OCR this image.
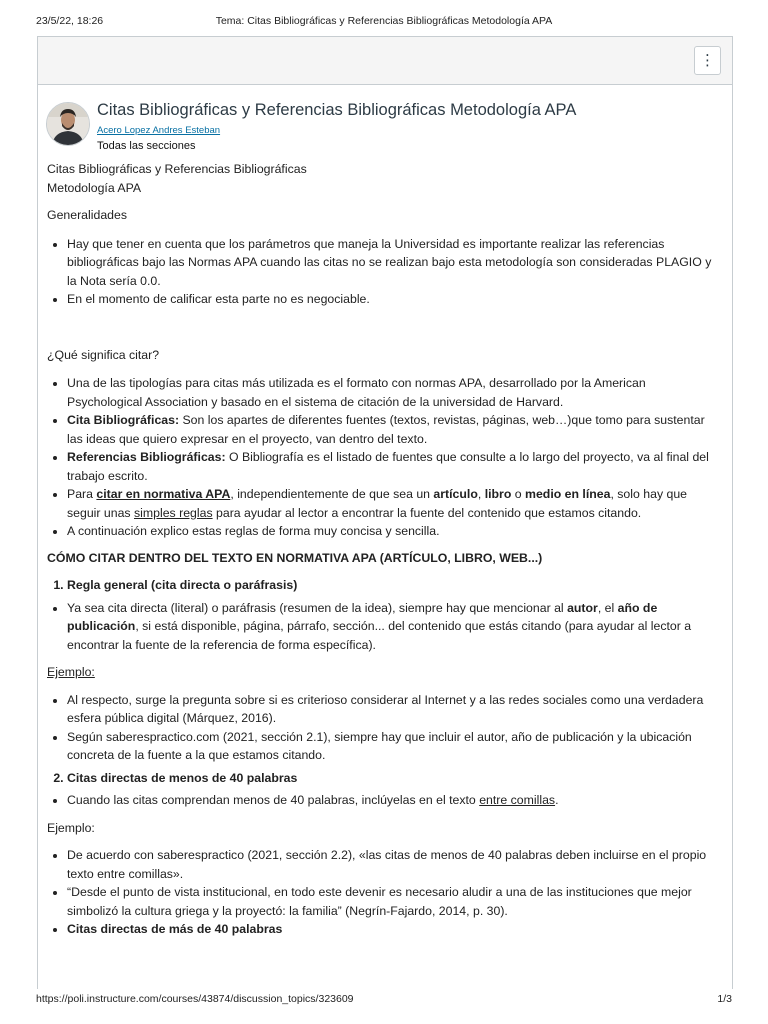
23/5/22, 18:26	Tema: Citas Bibliográficas y Referencias Bibliográficas Metodología APA
⋮
Citas Bibliográficas y Referencias Bibliográficas Metodología APA
Acero Lopez Andres Esteban
Todas las secciones

Citas Bibliográficas y Referencias Bibliográficas

Metodología APA

Generalidades

• Hay que tener en cuenta que los parámetros que maneja la Universidad es importante realizar las referencias bibliográficas bajo las Normas APA cuando las citas no se realizan bajo esta metodología son consideradas PLAGIO y la Nota sería 0.0.
• En el momento de calificar esta parte no es negociable.

¿Qué significa citar?

• Una de las tipologías para citas más utilizada es el formato con normas APA, desarrollado por la American Psychological Association y basado en el sistema de citación de la universidad de Harvard.
• Cita Bibliográficas: Son los apartes de diferentes fuentes (textos, revistas, páginas, web…)que tomo para sustentar las ideas que quiero expresar en el proyecto, van dentro del texto.
• Referencias Bibliográficas: O Bibliografía es el listado de fuentes que consulte a lo largo del proyecto, va al final del trabajo escrito.
• Para citar en normativa APA, independientemente de que sea un artículo, libro o medio en línea, solo hay que seguir unas simples reglas para ayudar al lector a encontrar la fuente del contenido que estamos citando.
• A continuación explico estas reglas de forma muy concisa y sencilla.

CÓMO CITAR DENTRO DEL TEXTO EN NORMATIVA APA (ARTÍCULO, LIBRO, WEB...)

1. Regla general (cita directa o paráfrasis)
• Ya sea cita directa (literal) o paráfrasis (resumen de la idea), siempre hay que mencionar al autor, el año de publicación, si está disponible, página, párrafo, sección... del contenido que estás citando (para ayudar al lector a encontrar la fuente de la referencia de forma específica).

Ejemplo:

• Al respecto, surge la pregunta sobre si es criterioso considerar al Internet y a las redes sociales como una verdadera esfera pública digital (Márquez, 2016).
• Según saberespractico.com (2021, sección 2.1), siempre hay que incluir el autor, año de publicación y la ubicación concreta de la fuente a la que estamos citando.
2. Citas directas de menos de 40 palabras
• Cuando las citas comprendan menos de 40 palabras, inclúyelas en el texto entre comillas.

Ejemplo:

• De acuerdo con saberespractico (2021, sección 2.2), «las citas de menos de 40 palabras deben incluirse en el propio texto entre comillas».
• “Desde el punto de vista institucional, en todo este devenir es necesario aludir a una de las instituciones que mejor simbolizó la cultura griega y la proyectó: la familia” (Negrín-Fajardo, 2014, p. 30).
• Citas directas de más de 40 palabras
https://poli.instructure.com/courses/43874/discussion_topics/323609	1/3
